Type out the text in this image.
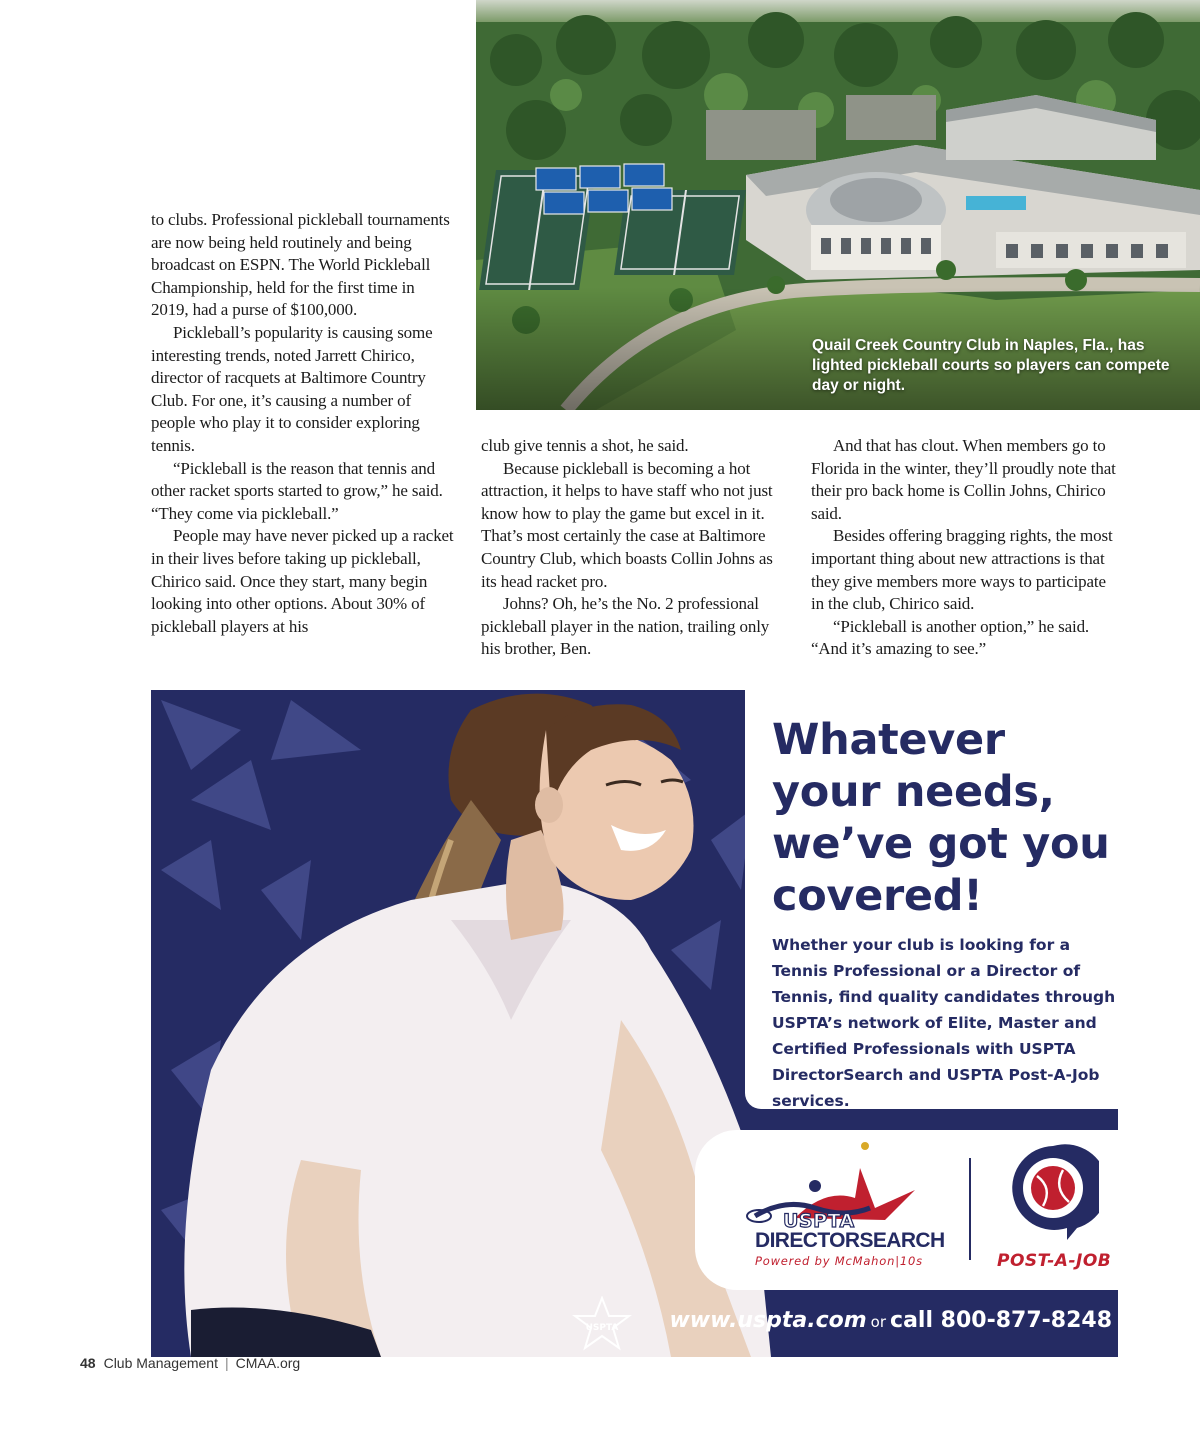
Quail Creek Country Club in Naples, Fla., has lighted pickleball courts so players can compete day or night.

to clubs. Professional pickleball tournaments are now being held routinely and being broadcast on ESPN. The World Pickleball Championship, held for the first time in 2019, had a purse of $100,000.

Pickleball’s popularity is causing some interesting trends, noted Jarrett Chirico, director of racquets at Baltimore Country Club. For one, it’s causing a number of people who play it to consider exploring tennis.

“Pickleball is the reason that tennis and other racket sports started to grow,” he said. “They come via pickleball.”

People may have never picked up a racket in their lives before taking up pickleball, Chirico said. Once they start, many begin looking into other options. About 30% of pickleball players at his

club give tennis a shot, he said.

Because pickleball is becoming a hot attraction, it helps to have staff who not just know how to play the game but excel in it. That’s most certainly the case at Baltimore Country Club, which boasts Collin Johns as its head racket pro.

Johns? Oh, he’s the No. 2 professional pickleball player in the nation, trailing only his brother, Ben.

And that has clout. When members go to Florida in the winter, they’ll proudly note that their pro back home is Collin Johns, Chirico said.

Besides offering bragging rights, the most important thing about new attractions is that they give members more ways to participate in the club, Chirico said.

“Pickleball is another option,” he said. “And it’s amazing to see.”

Whatever your needs, we’ve got you covered!
Whether your club is looking for a Tennis Professional or a Director of Tennis, find quality candidates through USPTA’s network of Elite, Master and Certified Professionals with USPTA DirectorSearch and USPTA Post-A-Job services.
USPTA
DIRECTORSEARCH
Powered by McMahon|10s	POST-A-JOB
USPTA www.uspta.com or call 800-877-8248
48 Club Management | CMAA.org
